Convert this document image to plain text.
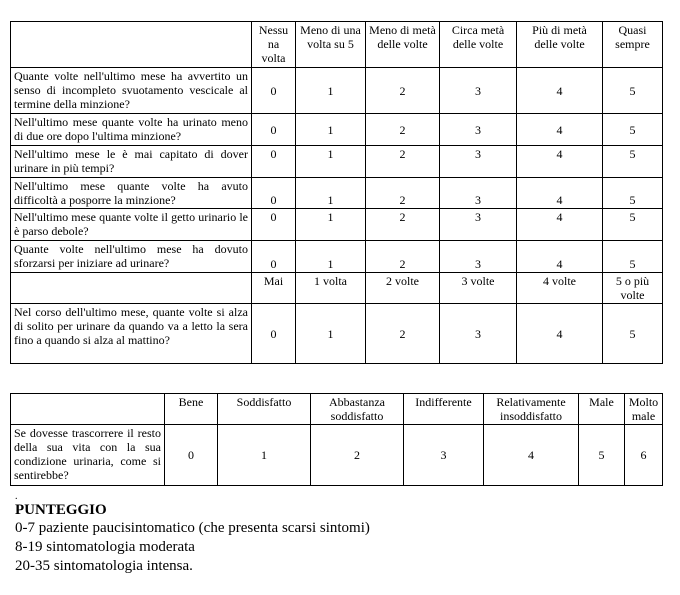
	Nessu na volta	Meno di una volta su 5	Meno di metà delle volte	Circa metà delle volte	Più di metà delle volte	Quasi sempre
Quante volte nell'ultimo mese ha avvertito un senso di incompleto svuotamento vescicale al termine della minzione?	0	1	2	3	4	5
Nell'ultimo mese quante volte ha urinato meno di due ore dopo l'ultima minzione?	0	1	2	3	4	5
Nell'ultimo mese le è mai capitato di dover urinare in più tempi?	0	1	2	3	4	5
Nell'ultimo mese quante volte ha avuto difficoltà a posporre la minzione?	0	1	2	3	4	5
Nell'ultimo mese quante volte il getto urinario le è parso debole?	0	1	2	3	4	5
Quante volte nell'ultimo mese ha dovuto sforzarsi per iniziare ad urinare?	0	1	2	3	4	5
	Mai	1 volta	2 volte	3 volte	4 volte	5 o più volte
Nel corso dell'ultimo mese, quante volte si alza di solito per urinare da quando va a letto la sera fino a quando si alza al mattino?	0	1	2	3	4	5
	Bene	Soddisfatto	Abbastanza soddisfatto	Indifferente	Relativamente insoddisfatto	Male	Molto male
Se dovesse trascorrere il resto della sua vita con la sua condizione urinaria, come si sentirebbe?	0	1	2	3	4	5	6
.

PUNTEGGIO

0-7 paziente paucisintomatico (che presenta scarsi sintomi)

8-19 sintomatologia moderata

20-35 sintomatologia intensa.
